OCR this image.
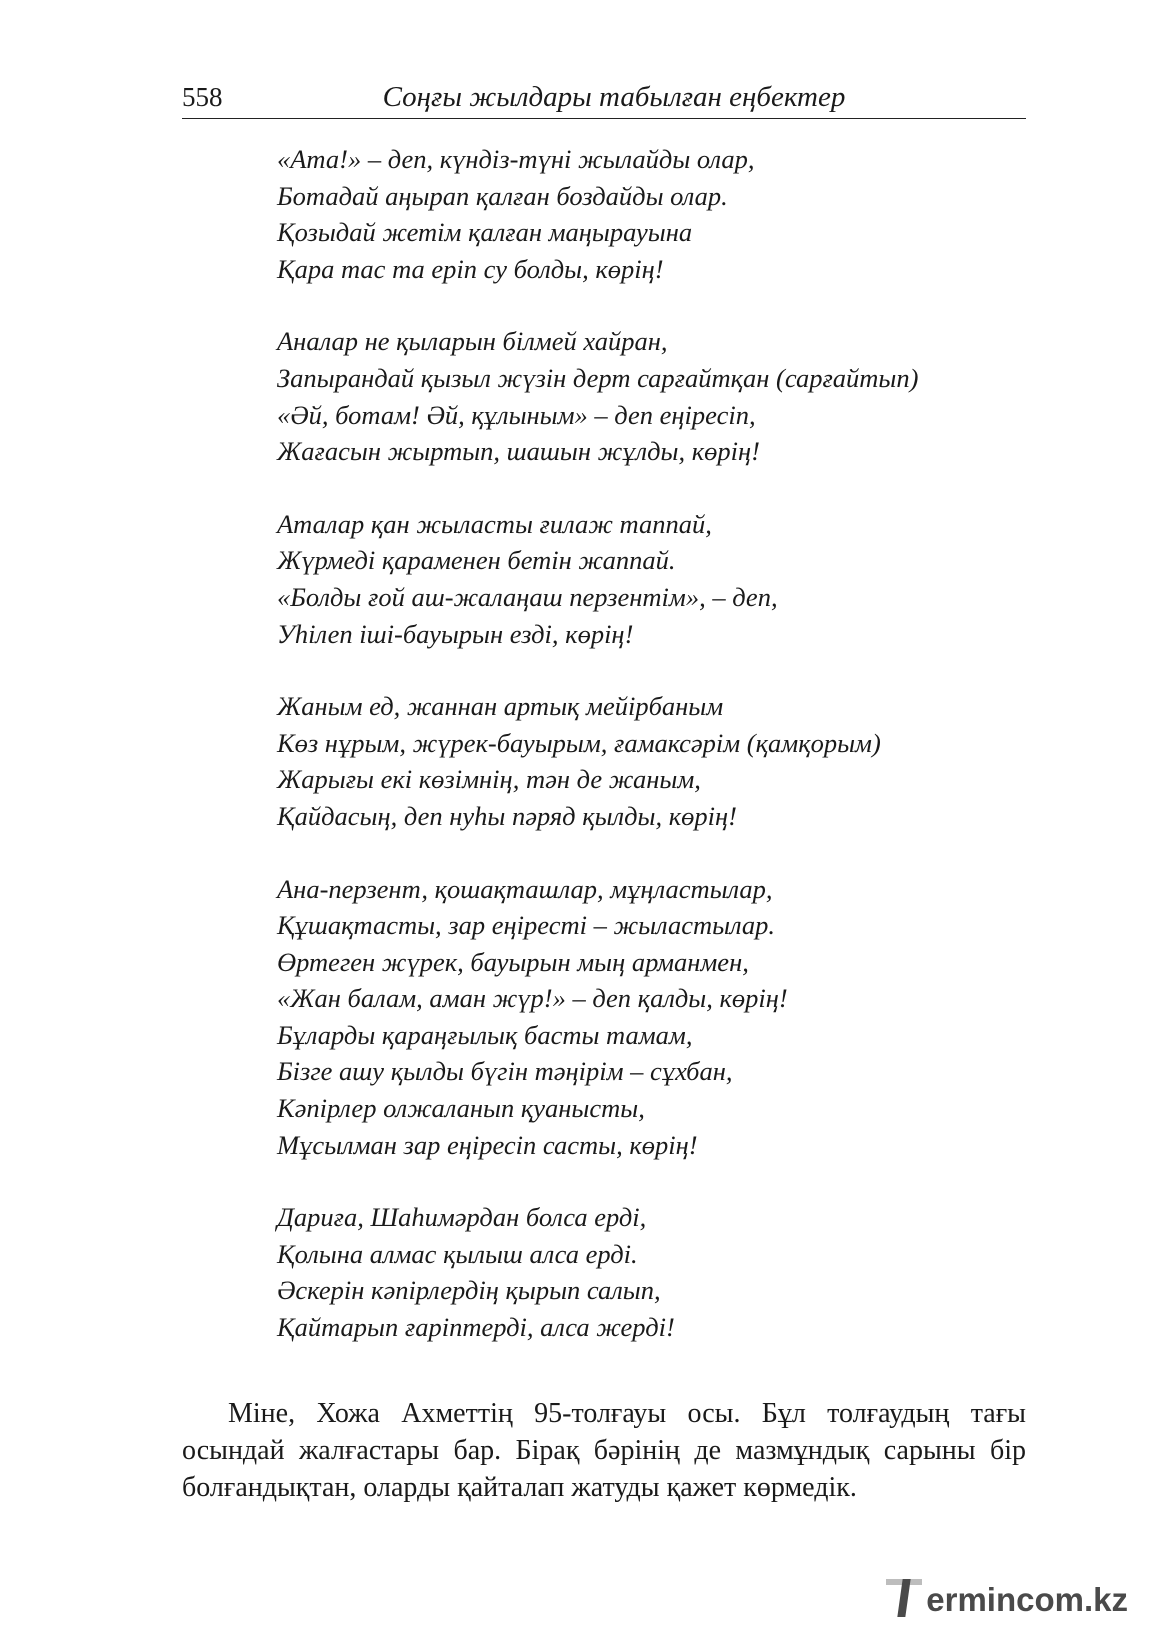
558	Соңғы жылдары табылған еңбектер
«Ата!» – деп, күндіз-түні жылайды олар,
Ботадай аңырап қалған боздайды олар.
Қозыдай жетім қалған маңырауына
Қара тас та еріп су болды, көрің!
Аналар не қыларын білмей хайран,
Запырандай қызыл жүзін дерт сарғайтқан (сарғайтып)
«Әй, ботам! Әй, құлыным» – деп еңіресіп,
Жағасын жыртып, шашын жұлды, көрің!
Аталар қан жыласты ғилаж таппай,
Жүрмеді қараменен бетін жаппай.
«Болды ғой аш-жалаңаш перзентім», – деп,
Уһілеп іші-бауырын езді, көрің!
Жаным ед, жаннан артық мейірбаным
Көз нұрым, жүрек-бауырым, ғамаксәрім (қамқорым)
Жарығы екі көзімнің, тән де жаным,
Қайдасың, деп нуһы пәряд қылды, көрің!
Ана-перзент, қошақташлар, мұңластылар,
Құшақтасты, зар еңіресті – жыластылар.
Өртеген жүрек, бауырын мың арманмен,
«Жан балам, аман жүр!» – деп қалды, көрің!
Бұларды қараңғылық басты тамам,
Бізге ашу қылды бүгін тәңірім – сұхбан,
Кәпірлер олжаланып қуанысты,
Мұсылман зар еңіресіп састы, көрің!
Дариға, Шаһимәрдан болса ерді,
Қолына алмас қылыш алса ерді.
Әскерін кәпірлердің қырып салып,
Қайтарып ғаріптерді, алса жерді!

Міне, Хожа Ахметтің 95-толғауы осы. Бұл толғаудың тағы осындай жалғастары бар. Бірақ бәрінің де мазмұндық сарыны бір болғандықтан, оларды қайталап жатуды қажет көрмедік.

ermincom.kz
